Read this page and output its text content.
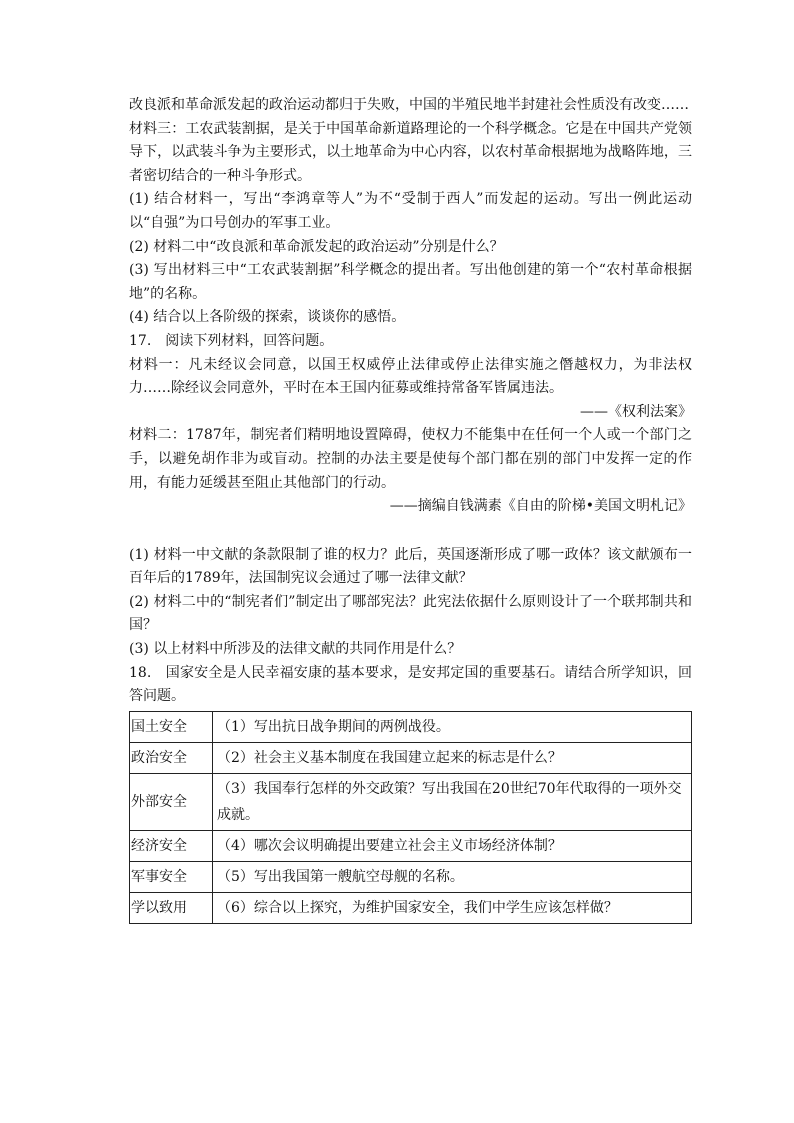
改良派和革命派发起的政治运动都归于失败，中国的半殖民地半封建社会性质没有改变……

材料三：工农武装割据，是关于中国革命新道路理论的一个科学概念。它是在中国共产党领导下，以武装斗争为主要形式，以土地革命为中心内容，以农村革命根据地为战略阵地，三者密切结合的一种斗争形式。

(1) 结合材料一，写出“李鸿章等人”为不“受制于西人”而发起的运动。写出一例此运动以“自强”为口号创办的军事工业。

(2) 材料二中“改良派和革命派发起的政治运动”分别是什么？

(3) 写出材料三中“工农武装割据”科学概念的提出者。写出他创建的第一个“农村革命根据地”的名称。

(4) 结合以上各阶级的探索，谈谈你的感悟。

17.　阅读下列材料，回答问题。

材料一：凡未经议会同意，以国王权威停止法律或停止法律实施之僭越权力，为非法权力……除经议会同意外，平时在本王国内征募或维持常备军皆属违法。

——《权利法案》

材料二：1787年，制宪者们精明地设置障碍，使权力不能集中在任何一个人或一个部门之手，以避免胡作非为或盲动。控制的办法主要是使每个部门都在别的部门中发挥一定的作用，有能力延缓甚至阻止其他部门的行动。

——摘编自钱满素《自由的阶梯•美国文明札记》

(1) 材料一中文献的条款限制了谁的权力？此后，英国逐渐形成了哪一政体？该文献颁布一百年后的1789年，法国制宪议会通过了哪一法律文献？

(2) 材料二中的“制宪者们”制定出了哪部宪法？此宪法依据什么原则设计了一个联邦制共和国？

(3) 以上材料中所涉及的法律文献的共同作用是什么？

18.　国家安全是人民幸福安康的基本要求，是安邦定国的重要基石。请结合所学知识，回答问题。

国土安全	（1）写出抗日战争期间的两例战役。
政治安全	（2）社会主义基本制度在我国建立起来的标志是什么？
外部安全	（3）我国奉行怎样的外交政策？写出我国在20世纪70年代取得的一项外交成就。
经济安全	（4）哪次会议明确提出要建立社会主义市场经济体制？
军事安全	（5）写出我国第一艘航空母舰的名称。
学以致用	（6）综合以上探究，为维护国家安全，我们中学生应该怎样做？
